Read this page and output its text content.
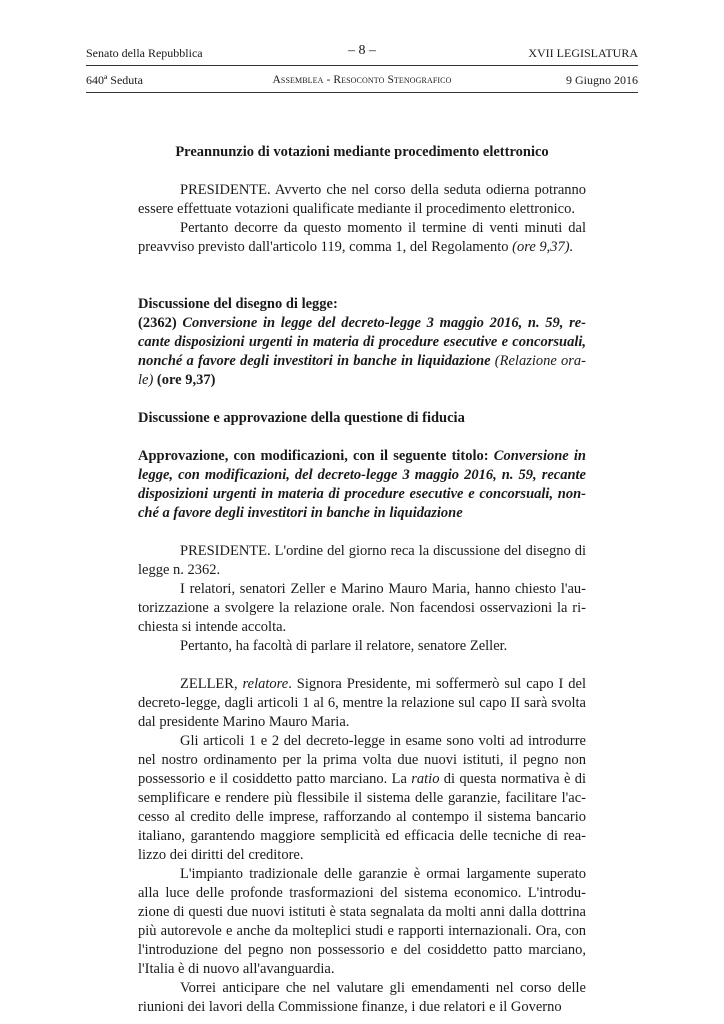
Senato della Repubblica	– 8 –	XVII LEGISLATURA
640ª Seduta	Assemblea - Resoconto Stenografico	9 Giugno 2016

Preannunzio di votazioni mediante procedimento elettronico

PRESIDENTE. Avverto che nel corso della seduta odierna potranno essere effettuate votazioni qualificate mediante il procedimento elettronico.

Pertanto decorre da questo momento il termine di venti minuti dal preavviso previsto dall'articolo 119, comma 1, del Regolamento (ore 9,37).

Discussione del disegno di legge:

(2362) Conversione in legge del decreto-legge 3 maggio 2016, n. 59, recante disposizioni urgenti in materia di procedure esecutive e concorsuali, nonché a favore degli investitori in banche in liquidazione (Relazione orale) (ore 9,37)

Discussione e approvazione della questione di fiducia

Approvazione, con modificazioni, con il seguente titolo: Conversione in legge, con modificazioni, del decreto-legge 3 maggio 2016, n. 59, recante disposizioni urgenti in materia di procedure esecutive e concorsuali, nonché a favore degli investitori in banche in liquidazione

PRESIDENTE. L'ordine del giorno reca la discussione del disegno di legge n. 2362.

I relatori, senatori Zeller e Marino Mauro Maria, hanno chiesto l'autorizzazione a svolgere la relazione orale. Non facendosi osservazioni la richiesta si intende accolta.

Pertanto, ha facoltà di parlare il relatore, senatore Zeller.

ZELLER, relatore. Signora Presidente, mi soffermerò sul capo I del decreto-legge, dagli articoli 1 al 6, mentre la relazione sul capo II sarà svolta dal presidente Marino Mauro Maria.

Gli articoli 1 e 2 del decreto-legge in esame sono volti ad introdurre nel nostro ordinamento per la prima volta due nuovi istituti, il pegno non possessorio e il cosiddetto patto marciano. La ratio di questa normativa è di semplificare e rendere più flessibile il sistema delle garanzie, facilitare l'accesso al credito delle imprese, rafforzando al contempo il sistema bancario italiano, garantendo maggiore semplicità ed efficacia delle tecniche di realizzo dei diritti del creditore.

L'impianto tradizionale delle garanzie è ormai largamente superato alla luce delle profonde trasformazioni del sistema economico. L'introduzione di questi due nuovi istituti è stata segnalata da molti anni dalla dottrina più autorevole e anche da molteplici studi e rapporti internazionali. Ora, con l'introduzione del pegno non possessorio e del cosiddetto patto marciano, l'Italia è di nuovo all'avanguardia.

Vorrei anticipare che nel valutare gli emendamenti nel corso delle riunioni dei lavori della Commissione finanze, i due relatori e il Governo
